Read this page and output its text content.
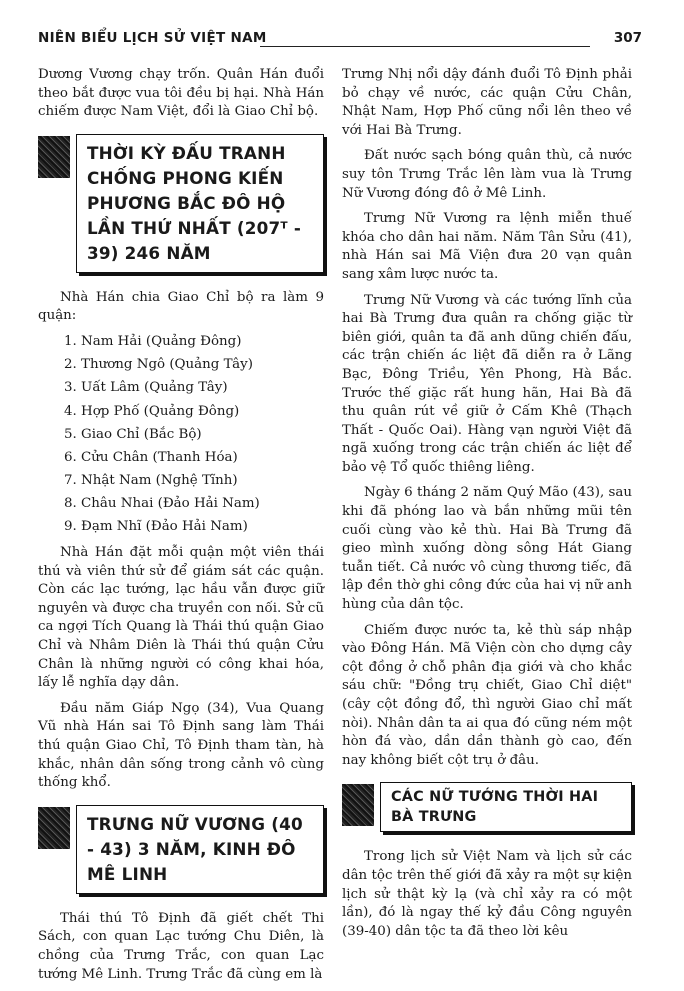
NIÊN BIỂU LỊCH SỬ VIỆT NAM	307

Dương Vương chạy trốn. Quân Hán đuổi theo bắt được vua tôi đều bị hại. Nhà Hán chiếm được Nam Việt, đổi là Giao Chỉ bộ.

THỜI KỲ ĐẤU TRANH CHỐNG PHONG KIẾN PHƯƠNG BẮC ĐÔ HỘ LẦN THỨ NHẤT (207ᵀ - 39) 246 NĂM

Nhà Hán chia Giao Chỉ bộ ra làm 9 quận:

1. Nam Hải (Quảng Đông)
2. Thương Ngô (Quảng Tây)
3. Uất Lâm (Quảng Tây)
4. Hợp Phố (Quảng Đông)
5. Giao Chỉ (Bắc Bộ)
6. Cửu Chân (Thanh Hóa)
7. Nhật Nam (Nghệ Tĩnh)
8. Châu Nhai (Đảo Hải Nam)
9. Đạm Nhĩ (Đảo Hải Nam)

Nhà Hán đặt mỗi quận một viên thái thú và viên thứ sử để giám sát các quận. Còn các lạc tướng, lạc hầu vẫn được giữ nguyên và được cha truyền con nối. Sử cũ ca ngợi Tích Quang là Thái thú quận Giao Chỉ và Nhâm Diên là Thái thú quận Cửu Chân là những người có công khai hóa, lấy lễ nghĩa dạy dân.

Đầu năm Giáp Ngọ (34), Vua Quang Vũ nhà Hán sai Tô Định sang làm Thái thú quận Giao Chỉ, Tô Định tham tàn, hà khắc, nhân dân sống trong cảnh vô cùng thống khổ.

TRƯNG NỮ VƯƠNG (40 - 43) 3 NĂM, KINH ĐÔ MÊ LINH

Thái thú Tô Định đã giết chết Thi Sách, con quan Lạc tướng Chu Diên, là chồng của Trưng Trắc, con quan Lạc tướng Mê Linh. Trưng Trắc đã cùng em là

Trưng Nhị nổi dậy đánh đuổi Tô Định phải bỏ chạy về nước, các quận Cửu Chân, Nhật Nam, Hợp Phố cũng nổi lên theo về với Hai Bà Trưng.

Đất nước sạch bóng quân thù, cả nước suy tôn Trưng Trắc lên làm vua là Trưng Nữ Vương đóng đô ở Mê Linh.

Trưng Nữ Vương ra lệnh miễn thuế khóa cho dân hai năm. Năm Tân Sửu (41), nhà Hán sai Mã Viện đưa 20 vạn quân sang xâm lược nước ta.

Trưng Nữ Vương và các tướng lĩnh của hai Bà Trưng đưa quân ra chống giặc từ biên giới, quân ta đã anh dũng chiến đấu, các trận chiến ác liệt đã diễn ra ở Lãng Bạc, Đông Triều, Yên Phong, Hà Bắc. Trước thế giặc rất hung hãn, Hai Bà đã thu quân rút về giữ ở Cấm Khê (Thạch Thất - Quốc Oai). Hàng vạn người Việt đã ngã xuống trong các trận chiến ác liệt để bảo vệ Tổ quốc thiêng liêng.

Ngày 6 tháng 2 năm Quý Mão (43), sau khi đã phóng lao và bắn những mũi tên cuối cùng vào kẻ thù. Hai Bà Trưng đã gieo mình xuống dòng sông Hát Giang tuẫn tiết. Cả nước vô cùng thương tiếc, đã lập đền thờ ghi công đức của hai vị nữ anh hùng của dân tộc.

Chiếm được nước ta, kẻ thù sáp nhập vào Đông Hán. Mã Viện còn cho dựng cây cột đồng ở chỗ phân địa giới và cho khắc sáu chữ: "Đồng trụ chiết, Giao Chỉ diệt" (cây cột đồng đổ, thì người Giao chỉ mất nòi). Nhân dân ta ai qua đó cũng ném một hòn đá vào, dần dần thành gò cao, đến nay không biết cột trụ ở đâu.

CÁC NỮ TƯỚNG THỜI HAI BÀ TRƯNG

Trong lịch sử Việt Nam và lịch sử các dân tộc trên thế giới đã xảy ra một sự kiện lịch sử thật kỳ lạ (và chỉ xảy ra có một lần), đó là ngay thế kỷ đầu Công nguyên (39-40) dân tộc ta đã theo lời kêu
